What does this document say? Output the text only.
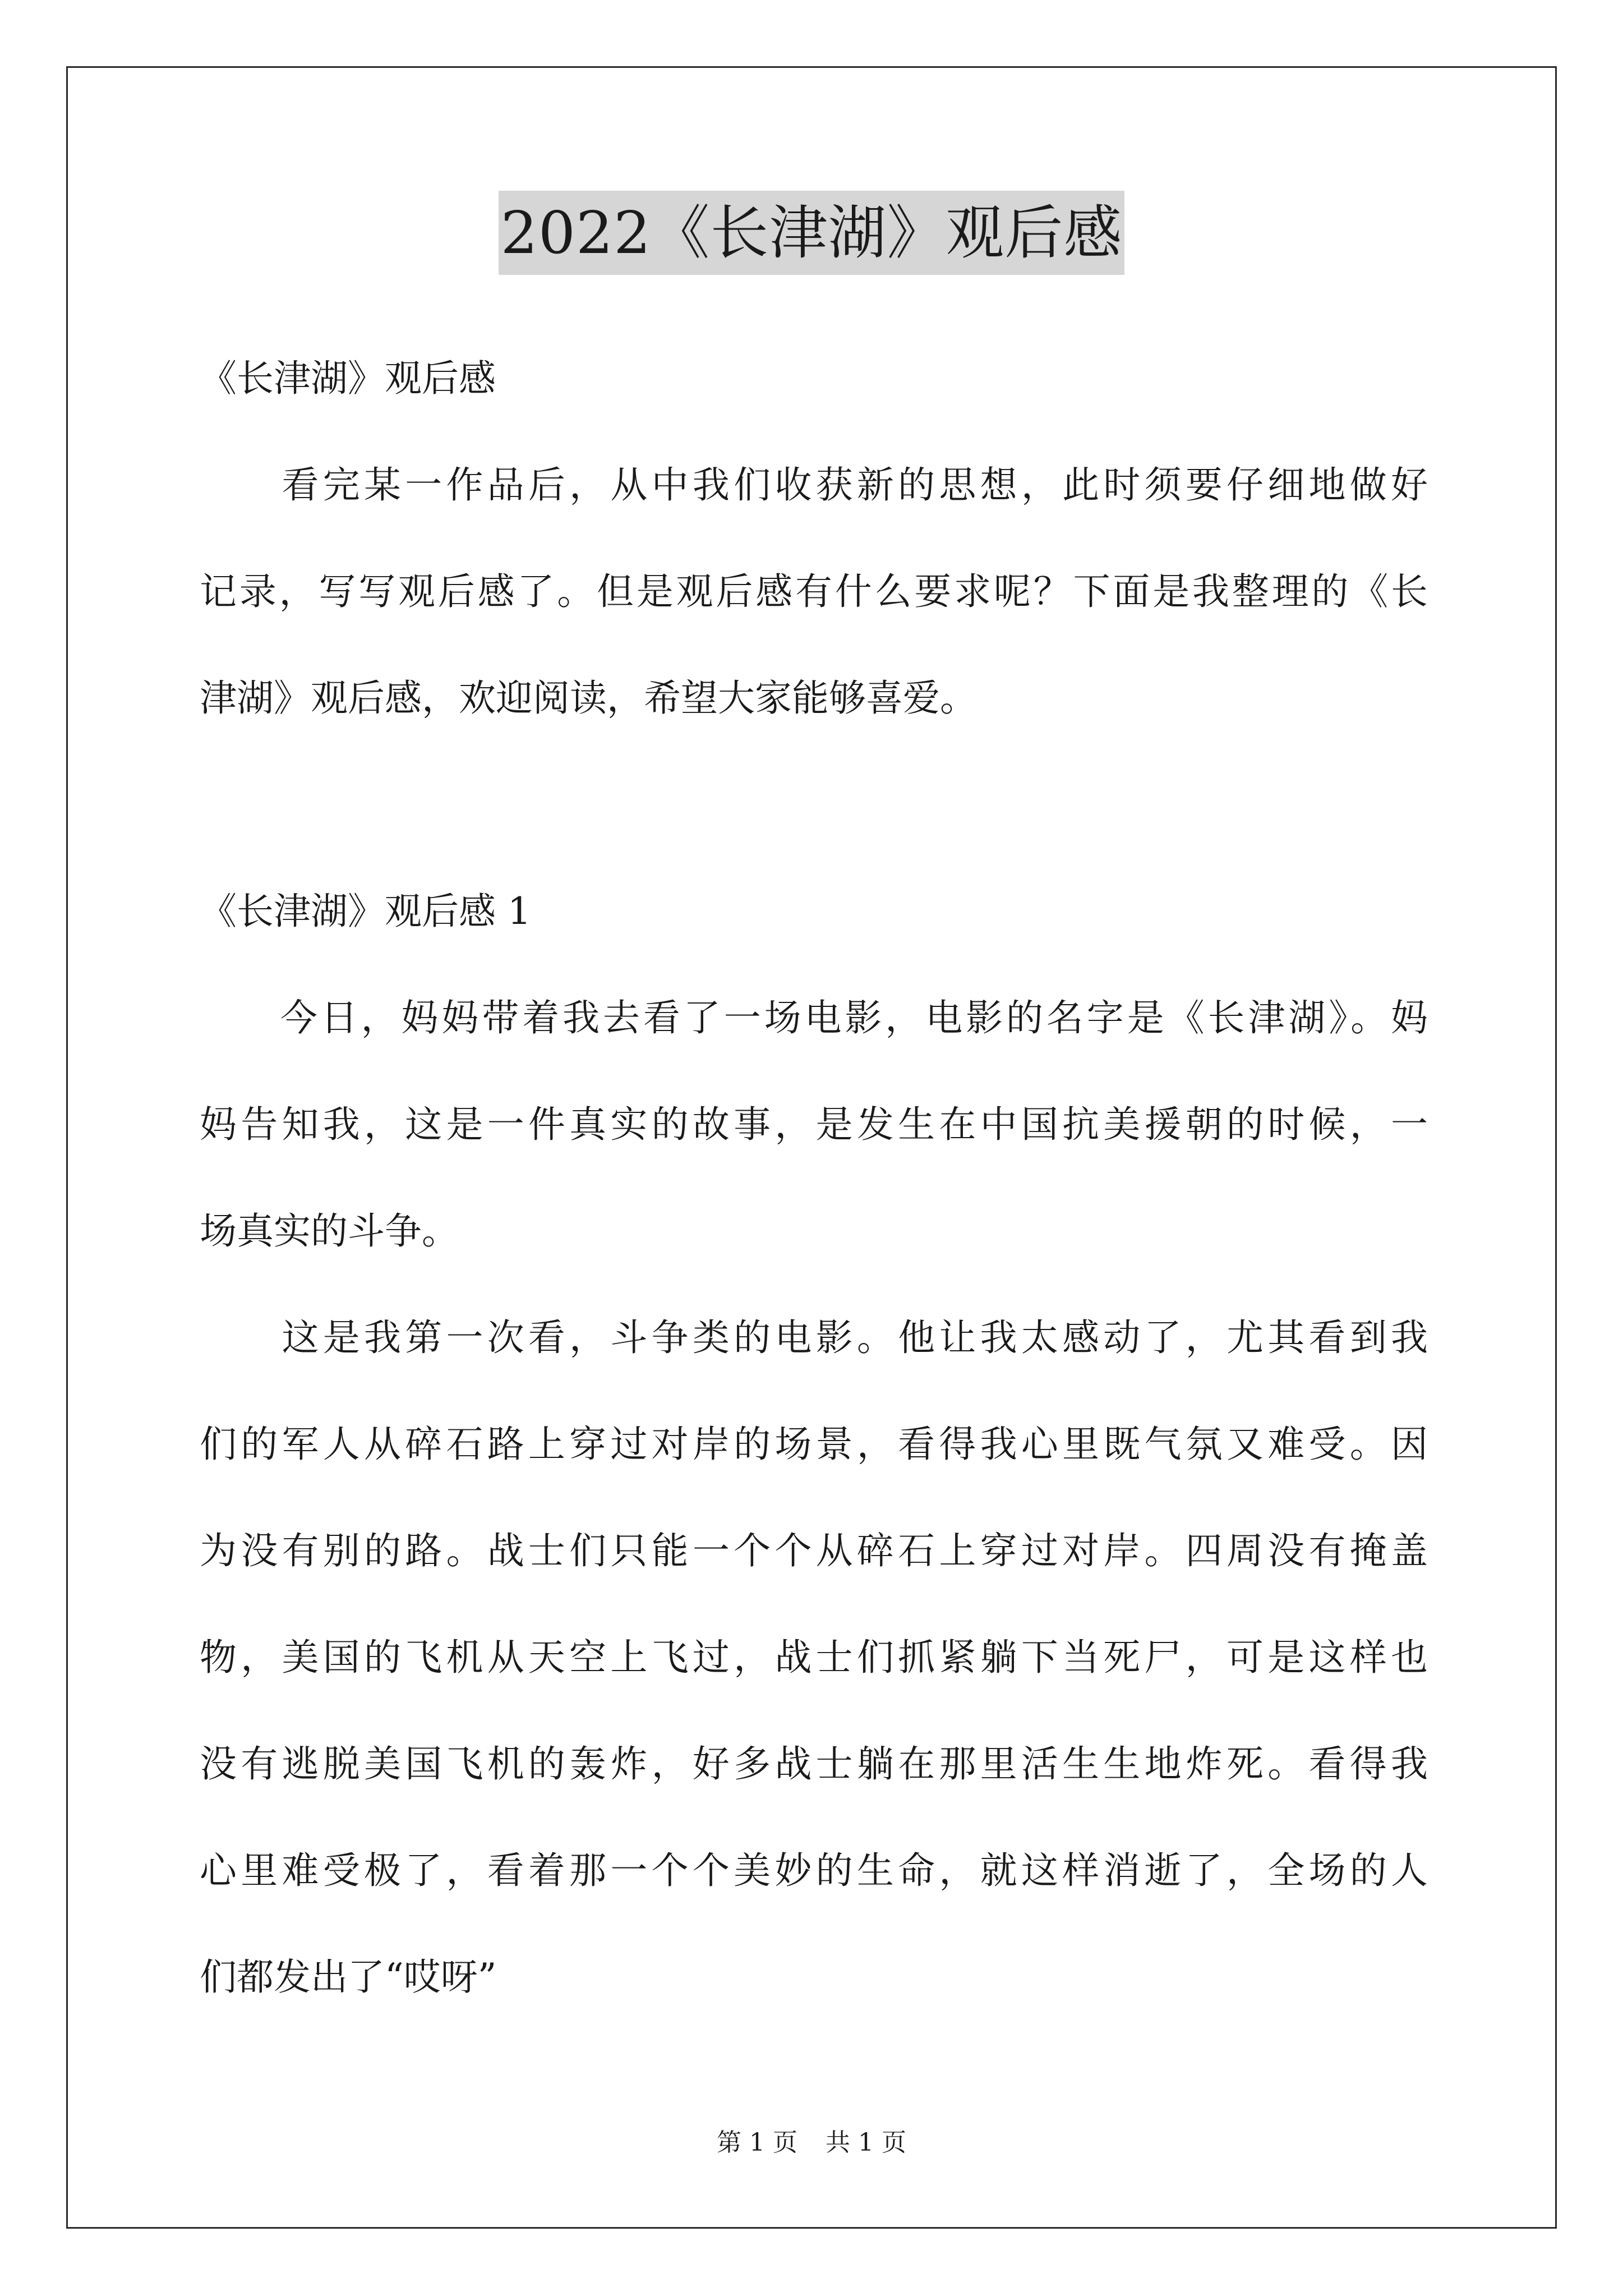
2022《长津湖》观后感
《长津湖》观后感
　　看完某一作品后，从中我们收获新的思想，此时须要仔细地做好
记录，写写观后感了。但是观后感有什么要求呢？下面是我整理的《长
津湖》观后感，欢迎阅读，希望大家能够喜爱。
《长津湖》观后感 1
　　今日，妈妈带着我去看了一场电影，电影的名字是《长津湖》。妈
妈告知我，这是一件真实的故事，是发生在中国抗美援朝的时候，一
场真实的斗争。
　　这是我第一次看，斗争类的电影。他让我太感动了，尤其看到我
们的军人从碎石路上穿过对岸的场景，看得我心里既气氛又难受。因
为没有别的路。战士们只能一个个从碎石上穿过对岸。四周没有掩盖
物，美国的飞机从天空上飞过，战士们抓紧躺下当死尸，可是这样也
没有逃脱美国飞机的轰炸，好多战士躺在那里活生生地炸死。看得我
心里难受极了，看着那一个个美妙的生命，就这样消逝了，全场的人
们都发出了“哎呀”
第 1 页 共 1 页
